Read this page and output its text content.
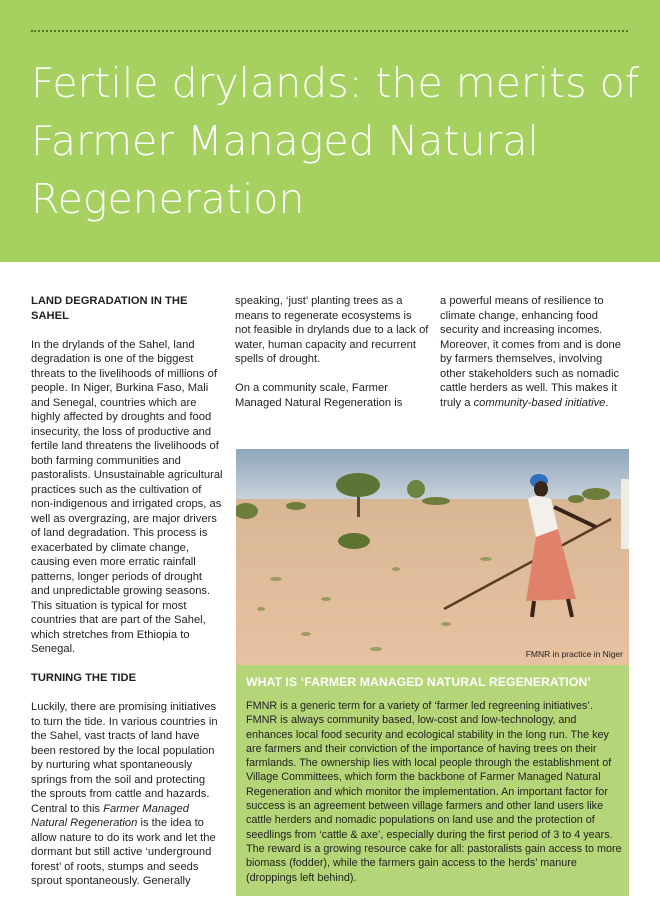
Fertile drylands: the merits of Farmer Managed Natural Regeneration
LAND DEGRADATION IN THE SAHEL

In the drylands of the Sahel, land degradation is one of the biggest threats to the livelihoods of millions of people. In Niger, Burkina Faso, Mali and Senegal, countries which are highly affected by droughts and food insecurity, the loss of productive and fertile land threatens the livelihoods of both farming communities and pastoralists. Unsustainable agricultural practices such as the cultivation of non-indigenous and irrigated crops, as well as overgrazing, are major drivers of land degradation. This process is exacerbated by climate change, causing even more erratic rainfall patterns, longer periods of drought and unpredictable growing seasons. This situation is typical for most countries that are part of the Sahel, which stretches from Ethiopia to Senegal.

TURNING THE TIDE

Luckily, there are promising initiatives to turn the tide. In various countries in the Sahel, vast tracts of land have been restored by the local population by nurturing what spontaneously springs from the soil and protecting the sprouts from cattle and hazards. Central to this Farmer Managed Natural Regeneration is the idea to allow nature to do its work and let the dormant but still active ‘underground forest’ of roots, stumps and seeds sprout spontaneously. Generally

speaking, ‘just’ planting trees as a means to regenerate ecosystems is not feasible in drylands due to a lack of water, human capacity and recurrent spells of drought.

On a community scale, Farmer Managed Natural Regeneration is

a powerful means of resilience to climate change, enhancing food security and increasing incomes. Moreover, it comes from and is done by farmers themselves, involving other stakeholders such as nomadic cattle herders as well. This makes it truly a community-based initiative.

FMNR in practice in Niger
WHAT IS ‘FARMER MANAGED NATURAL REGENERATION’

FMNR is a generic term for a variety of ‘farmer led regreening initiatives’. FMNR is always community based, low-cost and low-technology, and enhances local food security and ecological stability in the long run. The key are farmers and their conviction of the importance of having trees on their farmlands. The ownership lies with local people through the establishment of Village Committees, which form the backbone of Farmer Managed Natural Regeneration and which monitor the implementation. An important factor for success is an agreement between village farmers and other land users like cattle herders and nomadic populations on land use and the protection of seedlings from ‘cattle & axe’, especially during the first period of 3 to 4 years. The reward is a growing resource cake for all: pastoralists gain access to more biomass (fodder), while the farmers gain access to the herds’ manure (droppings left behind).
